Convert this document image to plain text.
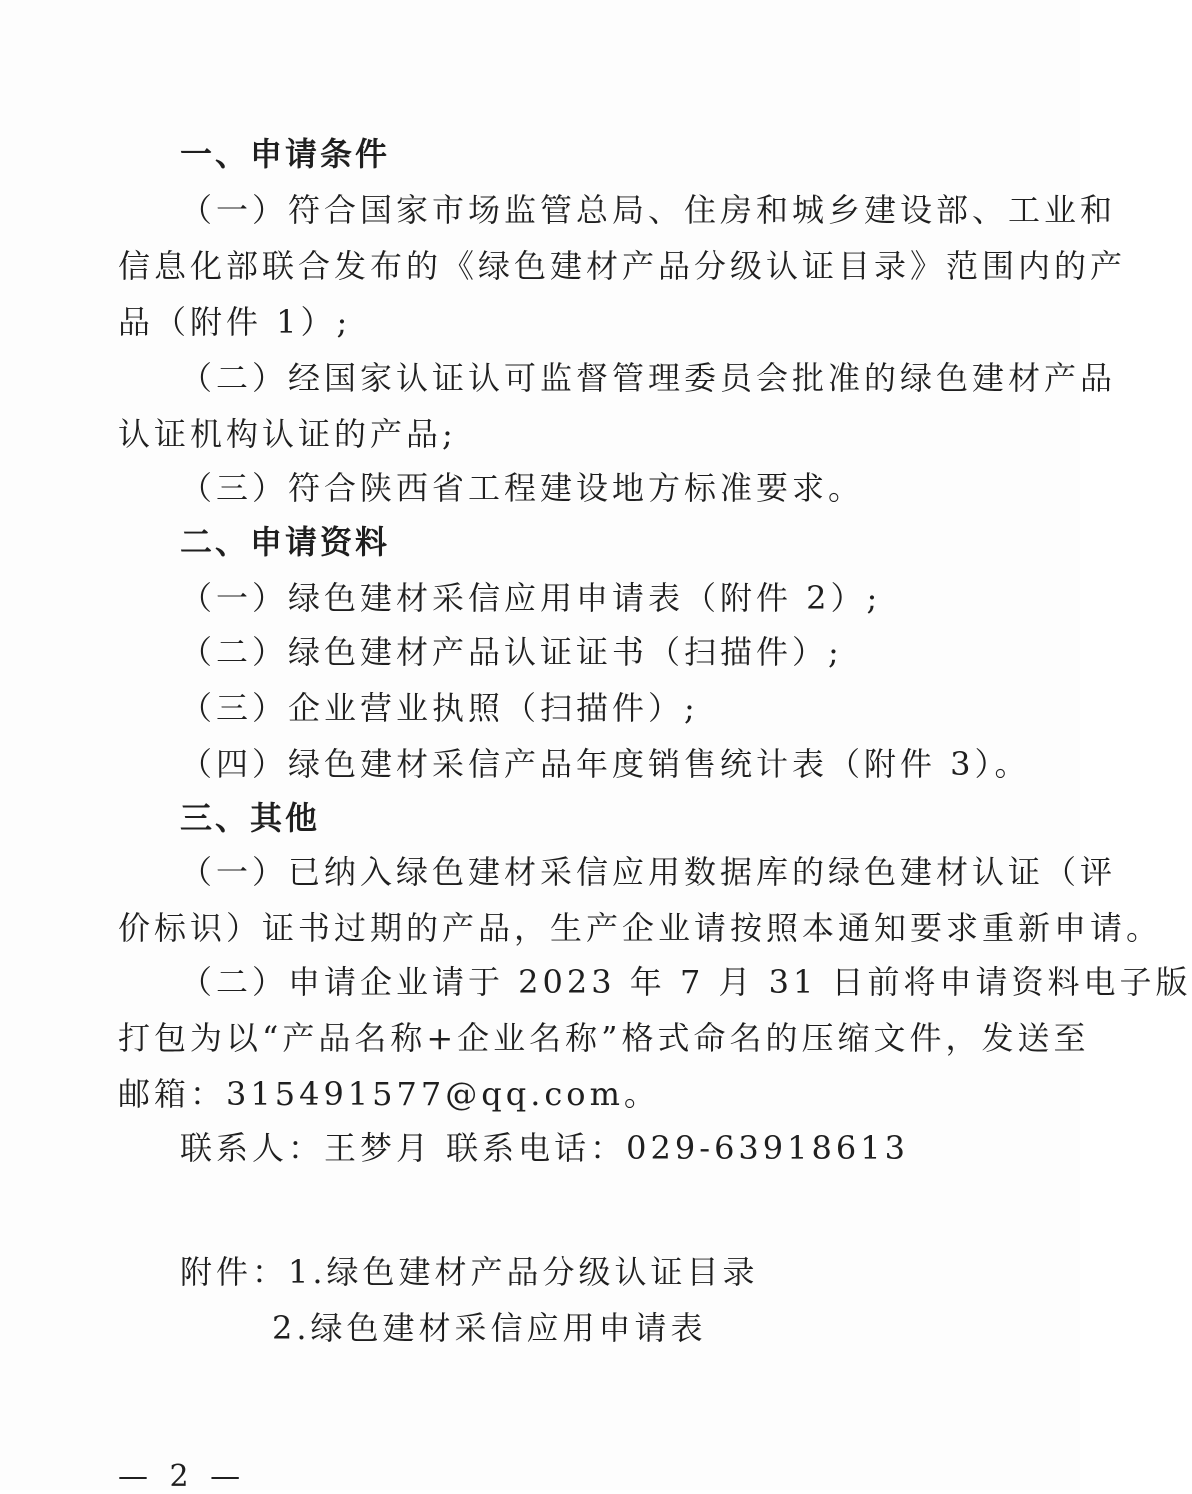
一、申请条件
（一）符合国家市场监管总局、住房和城乡建设部、工业和
信息化部联合发布的《绿色建材产品分级认证目录》范围内的产
品（附件 1）;
（二）经国家认证认可监督管理委员会批准的绿色建材产品
认证机构认证的产品;
（三）符合陕西省工程建设地方标准要求。
二、申请资料
（一）绿色建材采信应用申请表（附件 2）;
（二）绿色建材产品认证证书（扫描件）;
（三）企业营业执照（扫描件）;
（四）绿色建材采信产品年度销售统计表（附件 3）。
三、其他
（一）已纳入绿色建材采信应用数据库的绿色建材认证（评
价标识）证书过期的产品，生产企业请按照本通知要求重新申请。
（二）申请企业请于 2023 年 7 月 31 日前将申请资料电子版
打包为以“产品名称+企业名称”格式命名的压缩文件，发送至
邮箱：315491577@qq.com。
联系人：王梦月 联系电话：029-63918613
附件：1.绿色建材产品分级认证目录
2.绿色建材采信应用申请表
— 2 —
